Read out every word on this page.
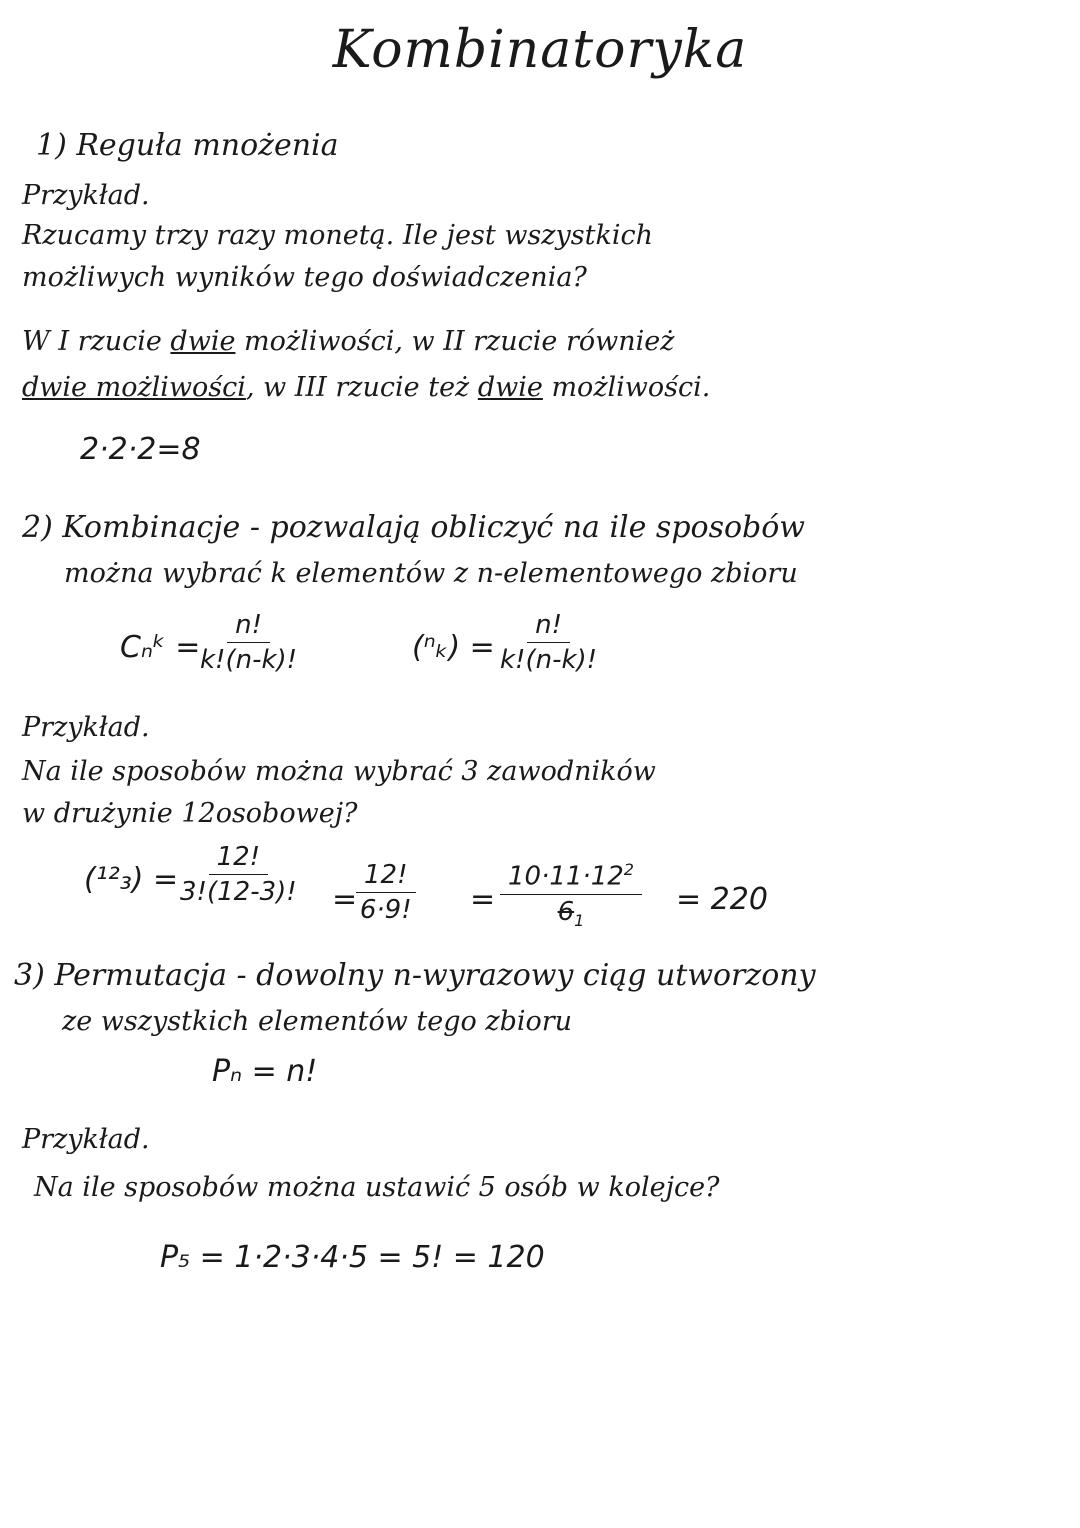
Kombinatoryka
1) Reguła mnożenia
Przykład.
Rzucamy trzy razy monetą. Ile jest wszystkich
możliwych wyników tego doświadczenia?
W I rzucie dwie możliwości, w II rzucie również
dwie możliwości, w III rzucie też dwie możliwości.
2·2·2=8
2) Kombinacje - pozwalają obliczyć na ile sposobów
można wybrać k elementów z n-elementowego zbioru
Cₙᵏ = $\frac{n!}{k!(n-k)!}$	$(^n_k) = \frac{n!}{k!(n-k)!}$
Przykład.
Na ile sposobów można wybrać 3 zawodników
w drużynie 12osobowej?
$(^{12}_3) = \frac{12!}{3!(12-3)!}$ =
$\frac{12!}{6\cdot 9!} = \frac{10\cdot 11\cdot 12^2}{6_1} = 220$
3) Permutacja - dowolny n-wyrazowy ciąg utworzony
ze wszystkich elementów tego zbioru
Pₙ = n!
Przykład.
Na ile sposobów można ustawić 5 osób w kolejce?
P₅ = 1·2·3·4·5 = 5! = 120
